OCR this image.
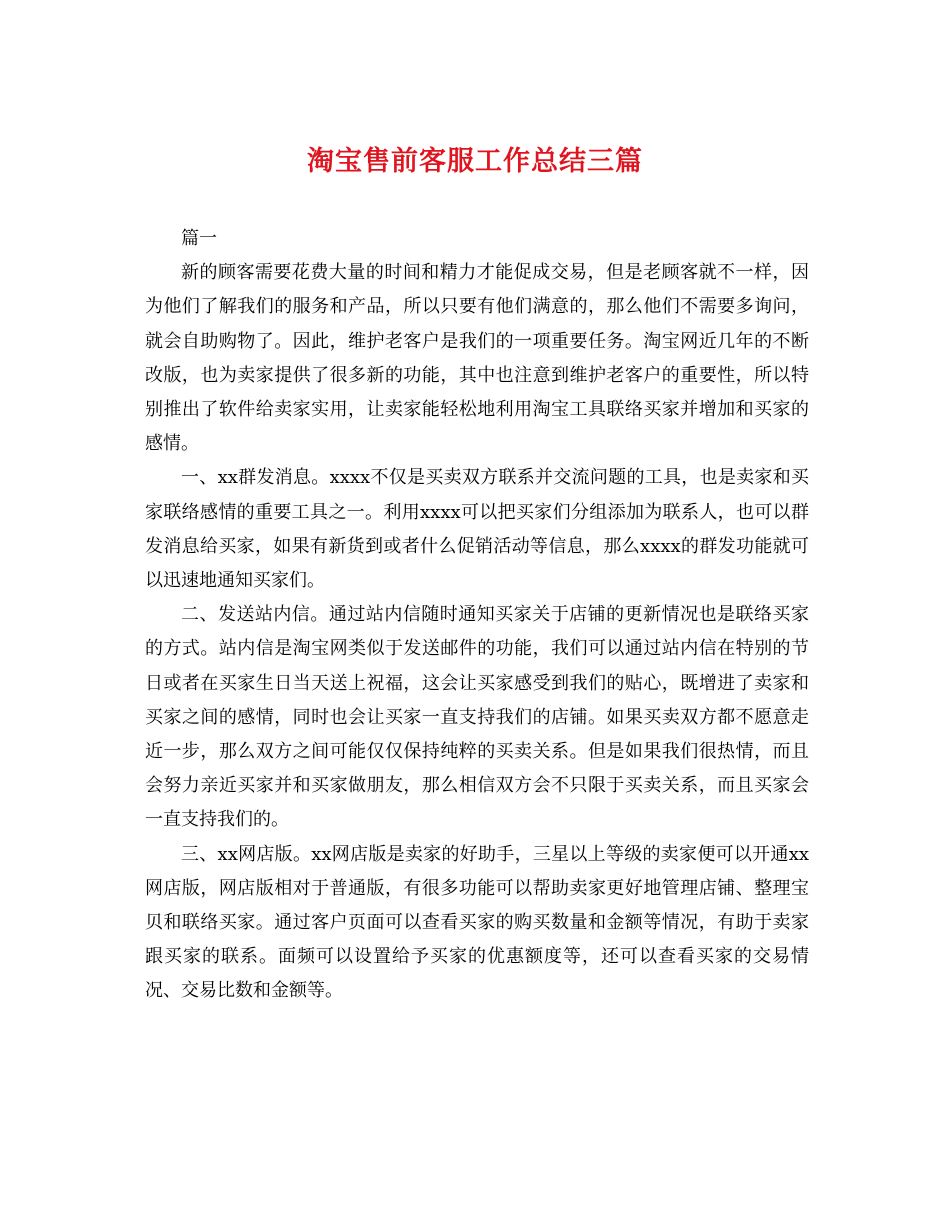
淘宝售前客服工作总结三篇

篇一

新的顾客需要花费大量的时间和精力才能促成交易，但是老顾客就不一样，因为他们了解我们的服务和产品，所以只要有他们满意的，那么他们不需要多询问，就会自助购物了。因此，维护老客户是我们的一项重要任务。淘宝网近几年的不断改版，也为卖家提供了很多新的功能，其中也注意到维护老客户的重要性，所以特别推出了软件给卖家实用，让卖家能轻松地利用淘宝工具联络买家并增加和买家的感情。

一、xx群发消息。xxxx不仅是买卖双方联系并交流问题的工具，也是卖家和买家联络感情的重要工具之一。利用xxxx可以把买家们分组添加为联系人，也可以群发消息给买家，如果有新货到或者什么促销活动等信息，那么xxxx的群发功能就可以迅速地通知买家们。

二、发送站内信。通过站内信随时通知买家关于店铺的更新情况也是联络买家的方式。站内信是淘宝网类似于发送邮件的功能，我们可以通过站内信在特别的节日或者在买家生日当天送上祝福，这会让买家感受到我们的贴心，既增进了卖家和买家之间的感情，同时也会让买家一直支持我们的店铺。如果买卖双方都不愿意走近一步，那么双方之间可能仅仅保持纯粹的买卖关系。但是如果我们很热情，而且会努力亲近买家并和买家做朋友，那么相信双方会不只限于买卖关系，而且买家会一直支持我们的。

三、xx网店版。xx网店版是卖家的好助手，三星以上等级的卖家便可以开通xx网店版，网店版相对于普通版，有很多功能可以帮助卖家更好地管理店铺、整理宝贝和联络买家。通过客户页面可以查看买家的购买数量和金额等情况，有助于卖家跟买家的联系。面频可以设置给予买家的优惠额度等，还可以查看买家的交易情况、交易比数和金额等。
